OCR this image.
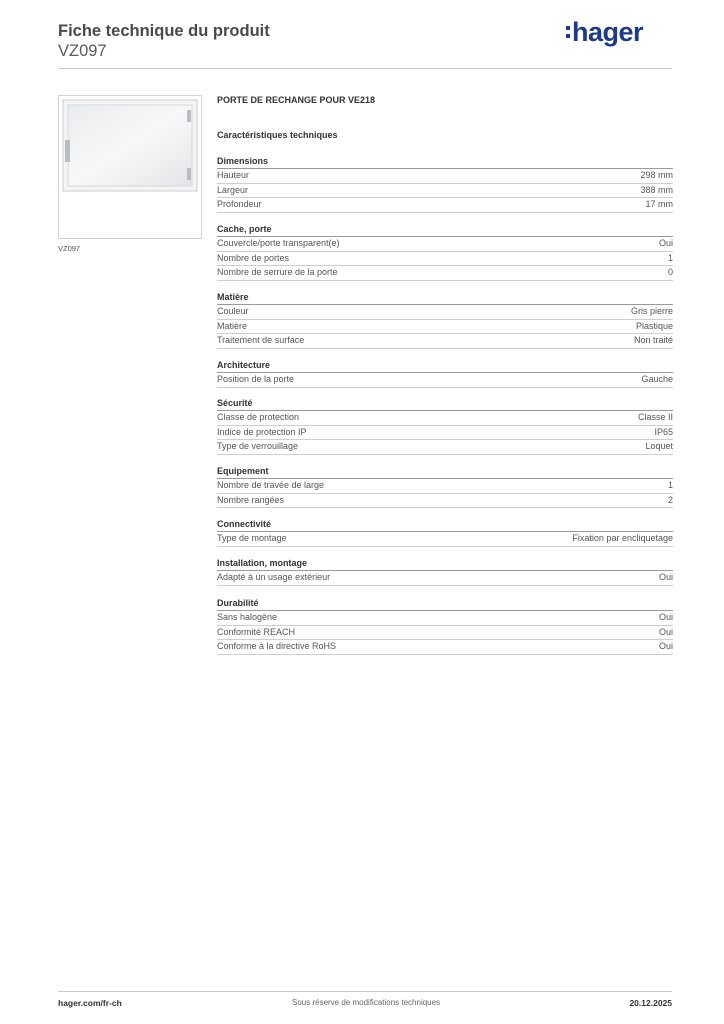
Fiche technique du produit
VZ097
hager
VZ097
PORTE DE RECHANGE POUR VE218
Caractéristiques techniques
Dimensions
Hauteur	298 mm
Largeur	388 mm
Profondeur	17 mm
Cache, porte
Couvercle/porte transparent(e)	Oui
Nombre de portes	1
Nombre de serrure de la porte	0
Matière
Couleur	Gris pierre
Matière	Plastique
Traitement de surface	Non traité
Architecture
Position de la porte	Gauche
Sécurité
Classe de protection	Classe II
Indice de protection IP	IP65
Type de verrouillage	Loquet
Equipement
Nombre de travée de large	1
Nombre rangées	2
Connectivité
Type de montage	Fixation par encliquetage
Installation, montage
Adapté à un usage extérieur	Oui
Durabilité
Sans halogène	Oui
Conformité REACH	Oui
Conforme à la directive RoHS	Oui
hager.com/fr-ch	Sous réserve de modifications techniques	20.12.2025
